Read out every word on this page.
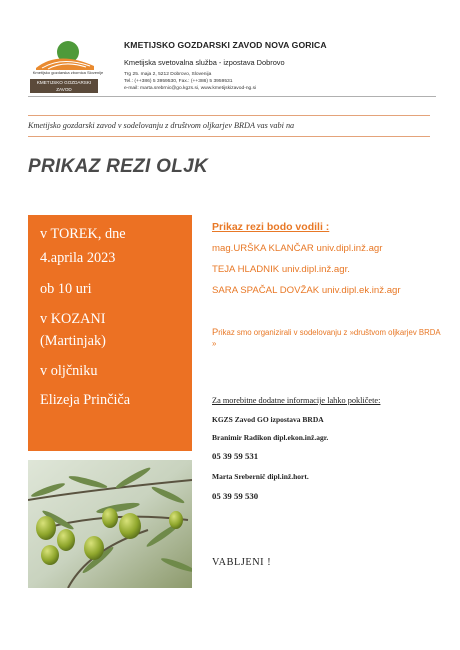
Kmetijsko gozdarska zbornica Slovenije
KMETIJSKO GOZDARSKI ZAVOD
NOVA GORICA
KMETIJSKO GOZDARSKI ZAVOD NOVA GORICA
Kmetijska svetovalna služba - izpostava Dobrovo
Trg 25. maja 2, 5212 Dobrovo, Slovenija
Tel.: (++386) 5 3959530, Fax.: (++386) 5 3959531
e-mail: marta.srebrnic@go.kgzs.si, www.kmetijskizavod-ng.si
Kmetijsko gozdarski zavod v sodelovanju z društvom oljkarjev BRDA vas vabi na
PRIKAZ REZI OLJK
v TOREK, dne
4.aprila 2023
ob 10 uri
v KOZANI
(Martinjak)
v oljčniku
Elizeja Prinčiča
Prikaz rezi bodo vodili :
mag.URŠKA KLANČAR univ.dipl.inž.agr
TEJA HLADNIK univ.dipl.inž.agr.
SARA SPAČAL DOVŽAK univ.dipl.ek.inž.agr
Prikaz smo organizirali v sodelovanju z »društvom oljkarjev BRDA »
Za morebitne dodatne informacije lahko pokličete:
KGZS Zavod GO izpostava BRDA
Branimir Radikon dipl.ekon.inž.agr.
05 39 59 531
Marta Srebernič dipl.inž.hort.
05 39 59 530
VABLJENI !
